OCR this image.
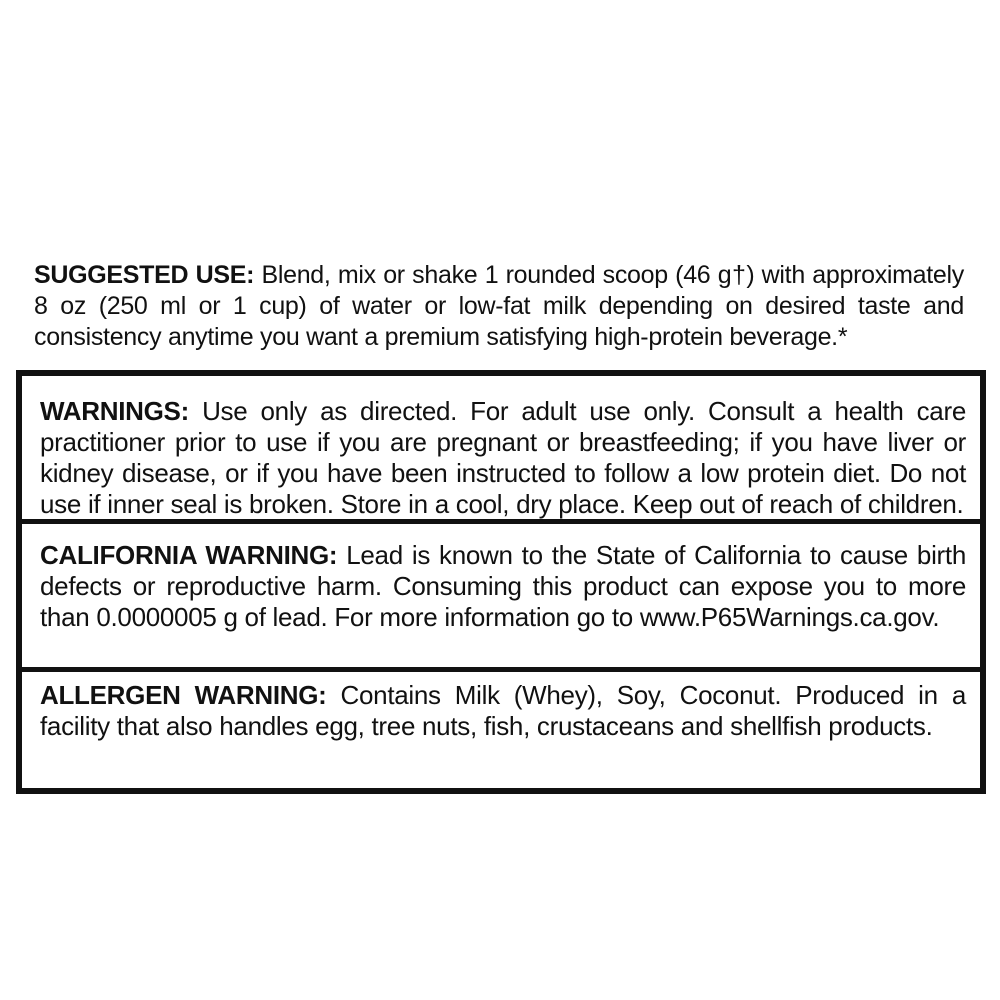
SUGGESTED USE: Blend, mix or shake 1 rounded scoop (46 g†) with approximately 8 oz (250 ml or 1 cup) of water or low-fat milk depending on desired taste and consistency anytime you want a premium satisfying high-protein beverage.*
WARNINGS: Use only as directed. For adult use only. Consult a health care practitioner prior to use if you are pregnant or breastfeeding; if you have liver or kidney disease, or if you have been instructed to follow a low protein diet. Do not use if inner seal is broken. Store in a cool, dry place. Keep out of reach of children.
CALIFORNIA WARNING: Lead is known to the State of California to cause birth defects or reproductive harm. Consuming this product can expose you to more than 0.0000005 g of lead. For more information go to www.P65Warnings.ca.gov.
ALLERGEN WARNING: Contains Milk (Whey), Soy, Coconut. Produced in a facility that also handles egg, tree nuts, fish, crustaceans and shellfish products.
